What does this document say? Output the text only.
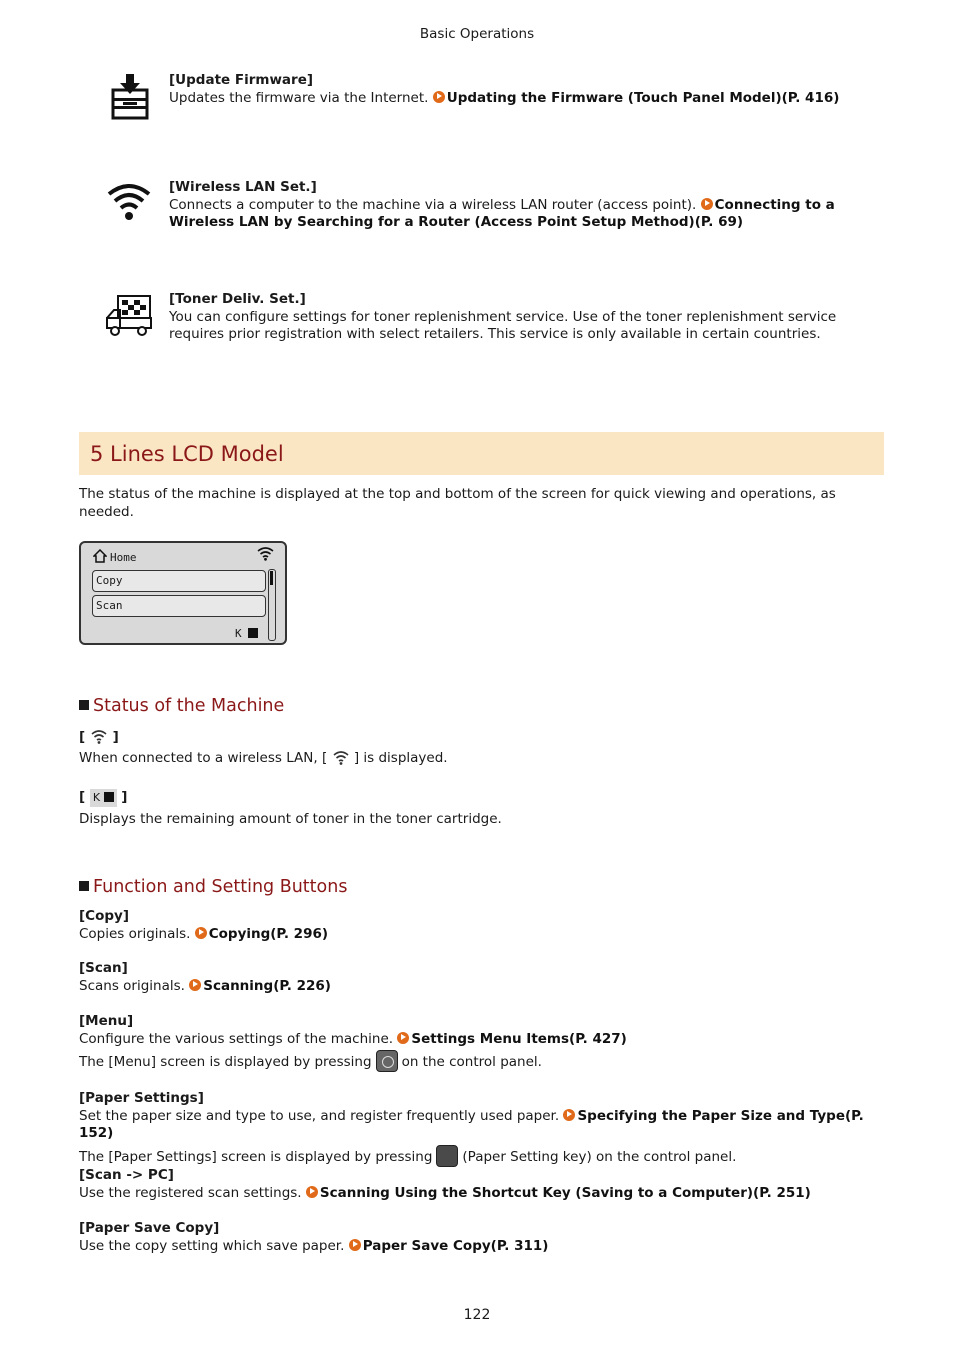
Basic Operations
[Update Firmware]
Updates the firmware via the Internet. Updating the Firmware (Touch Panel Model)(P. 416)
[Wireless LAN Set.]
Connects a computer to the machine via a wireless LAN router (access point). Connecting to a
Wireless LAN by Searching for a Router (Access Point Setup Method)(P. 69)
[Toner Deliv. Set.]
You can configure settings for toner replenishment service. Use of the toner replenishment service
requires prior registration with select retailers. This service is only available in certain countries.
5 Lines LCD Model
The status of the machine is displayed at the top and bottom of the screen for quick viewing and operations, as
needed.
Home
Copy
Scan
K
Status of the Machine
[ ]
When connected to a wireless LAN, [ ] is displayed.
[ K ]
Displays the remaining amount of toner in the toner cartridge.
Function and Setting Buttons
[Copy]
Copies originals. Copying(P. 296)
[Scan]
Scans originals. Scanning(P. 226)
[Menu]
Configure the various settings of the machine. Settings Menu Items(P. 427)
The [Menu] screen is displayed by pressing on the control panel.
[Paper Settings]
Set the paper size and type to use, and register frequently used paper. Specifying the Paper Size and Type(P. 152)
The [Paper Settings] screen is displayed by pressing (Paper Setting key) on the control panel.
[Scan -> PC]
Use the registered scan settings. Scanning Using the Shortcut Key (Saving to a Computer)(P. 251)
[Paper Save Copy]
Use the copy setting which save paper. Paper Save Copy(P. 311)
122
